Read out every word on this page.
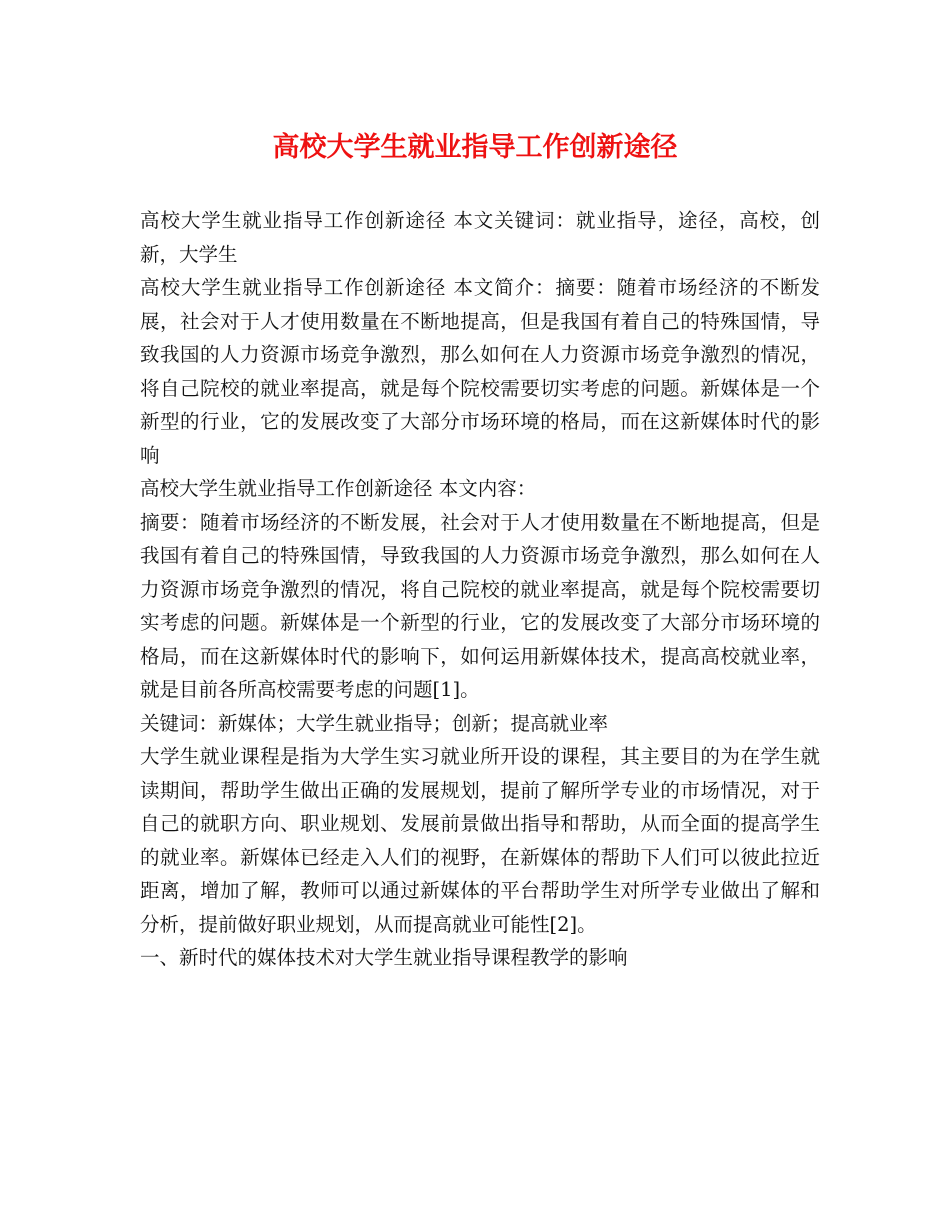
高校大学生就业指导工作创新途径

高校大学生就业指导工作创新途径 本文关键词：就业指导，途径，高校，创新，大学生

高校大学生就业指导工作创新途径 本文简介：摘要：随着市场经济的不断发展，社会对于人才使用数量在不断地提高，但是我国有着自己的特殊国情，导致我国的人力资源市场竞争激烈，那么如何在人力资源市场竞争激烈的情况，将自己院校的就业率提高，就是每个院校需要切实考虑的问题。新媒体是一个新型的行业，它的发展改变了大部分市场环境的格局，而在这新媒体时代的影响

高校大学生就业指导工作创新途径 本文内容：

摘要：随着市场经济的不断发展，社会对于人才使用数量在不断地提高，但是我国有着自己的特殊国情，导致我国的人力资源市场竞争激烈，那么如何在人力资源市场竞争激烈的情况，将自己院校的就业率提高，就是每个院校需要切实考虑的问题。新媒体是一个新型的行业，它的发展改变了大部分市场环境的格局，而在这新媒体时代的影响下，如何运用新媒体技术，提高高校就业率，就是目前各所高校需要考虑的问题[1]。

关键词：新媒体；大学生就业指导；创新；提高就业率

大学生就业课程是指为大学生实习就业所开设的课程，其主要目的为在学生就读期间，帮助学生做出正确的发展规划，提前了解所学专业的市场情况，对于自己的就职方向、职业规划、发展前景做出指导和帮助，从而全面的提高学生的就业率。新媒体已经走入人们的视野，在新媒体的帮助下人们可以彼此拉近距离，增加了解，教师可以通过新媒体的平台帮助学生对所学专业做出了解和分析，提前做好职业规划，从而提高就业可能性[2]。

一、新时代的媒体技术对大学生就业指导课程教学的影响
